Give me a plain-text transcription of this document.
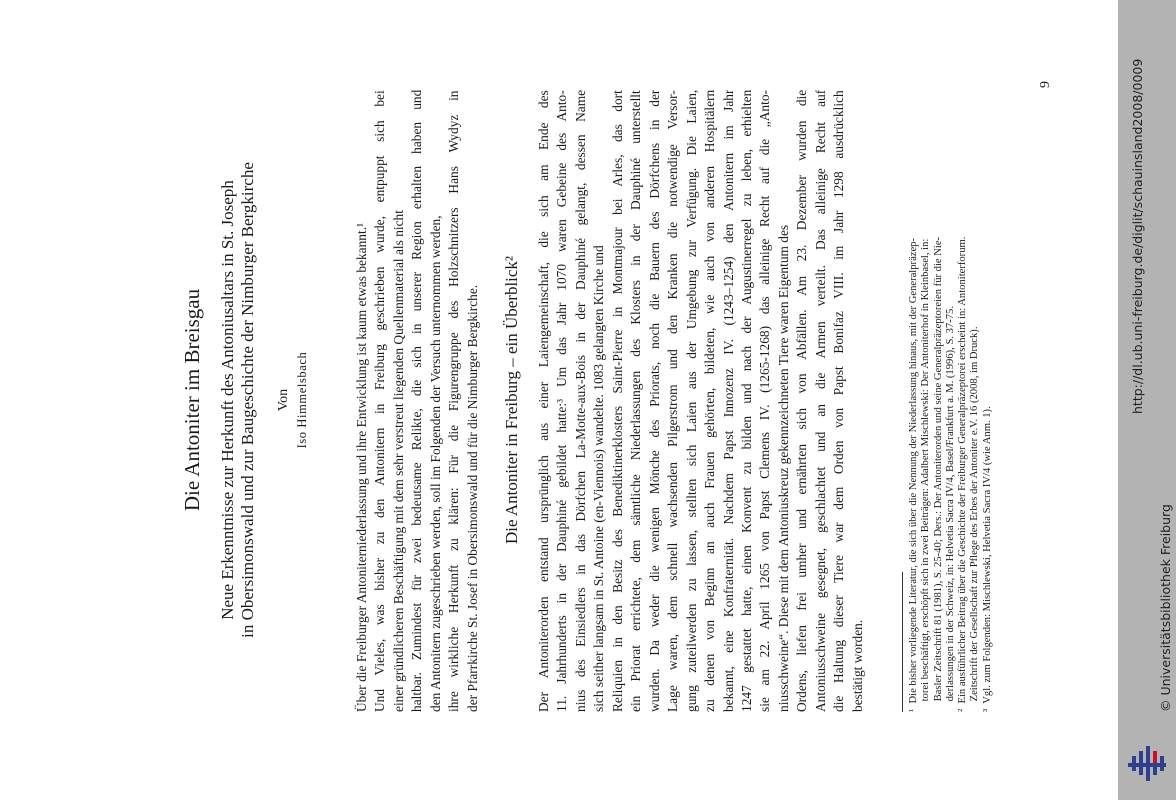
Die Antoniter im Breisgau Neue Erkenntnisse zur Herkunft des Antoniusaltars in St. Joseph in Obersimonswald und zur Baugeschichte der Nimburger Bergkirche Von Iso Himmelsbach	Über die Freiburger Antoniterniederlassung und ihre Entwicklung ist kaum etwas bekannt.¹ Und Vieles, was bisher zu den Antonitern in Freiburg geschrieben wurde, entpuppt sich bei einer gründlicheren Beschäftigung mit dem sehr verstreut liegenden Quellenmaterial als nicht haltbar. Zumindest für zwei bedeutsame Relikte, die sich in unserer Region erhalten haben und den Antonitern zugeschrieben werden, soll im Folgenden der Versuch unternommen werden, ihre wirkliche Herkunft zu klären: Für die Figurengruppe des Holzschnitzers Hans Wydyz in der Pfarrkirche St. Josef in Obersimonswald und für die Nimburger Bergkirche. Die Antoniter in Freiburg – ein Überblick² Der Antoniterorden entstand ursprünglich aus einer Laiengemeinschaft, die sich am Ende des 11. Jahrhunderts in der Dauphiné gebildet hatte:³ Um das Jahr 1070 waren Gebeine des Anto- nius des Einsiedlers in das Dörfchen La-Motte-aux-Bois in der Dauphiné gelangt, dessen Name sich seither langsam in St. Antoine (en-Viennois) wandelte. 1083 gelangten Kirche und Reliquien in den Besitz des Benediktinerklosters Saint-Pierre in Montmajour bei Arles, das dort ein Priorat errichtete, dem sämtliche Niederlassungen des Klosters in der Dauphiné unterstellt wurden. Da weder die wenigen Mönche des Priorats, noch die Bauern des Dörfchens in der Lage waren, dem schnell wachsenden Pilgerstrom und den Kranken die notwendige Versor- gung zuteilwerden zu lassen, stellten sich Laien aus der Umgebung zur Verfügung. Die Laien, zu denen von Beginn an auch Frauen gehörten, bildeten, wie auch von anderen Hospitälern bekannt, eine Konfraternität. Nachdem Papst Innozenz IV. (1243–1254) den Antonitern im Jahr 1247 gestattet hatte, einen Konvent zu bilden und nach der Augustinerregel zu leben, erhielten sie am 22. April 1265 von Papst Clemens IV. (1265-1268) das alleinige Recht auf die „Anto- niusschweine“. Diese mit dem Antoniuskreuz gekennzeichneten Tiere waren Eigentum des Ordens, liefen frei umher und ernährten sich von Abfällen. Am 23. Dezember wurden die Antoniusschweine gesegnet, geschlachtet und an die Armen verteilt. Das alleinige Recht auf die Haltung dieser Tiere war dem Orden von Papst Bonifaz VIII. im Jahr 1298 ausdrücklich bestätigt worden.	¹  Die bisher vorliegende Literatur, die sich über die Nennung der Niederlassung hinaus, mit der Generalpräzep- torei beschäftigt, erschöpft sich in zwei Beiträgen: Adalbert Mischlewski: Der Antoniterhof in Kleinbasel, in: Basler Zeitschrift 81 (1981), S. 25-40; Ders.: Der Antoniterorden und seine Generalpräzeptoreien für die Nie- derlassungen in der Schweiz, in: Helvetia Sacra IV/4, Basel/Frankfurt a. M. (1996), S. 37-75. ²  Ein ausführlicher Beitrag über die Geschichte der Freiburger Generalpräzeptorei erscheint in: Antoniterforum. Zeitschrift der Gesellschaft zur Pflege des Erbes der Antoniter e.V. 16 (2008, im Druck). ³  Vgl. zum Folgenden: Mischlewski, Helvetia Sacra IV/4 (wie Anm. 1).
9	http://dl.ub.uni-freiburg.de/diglit/schauinsland2008/0009
© Universitätsbibliothek Freiburg
